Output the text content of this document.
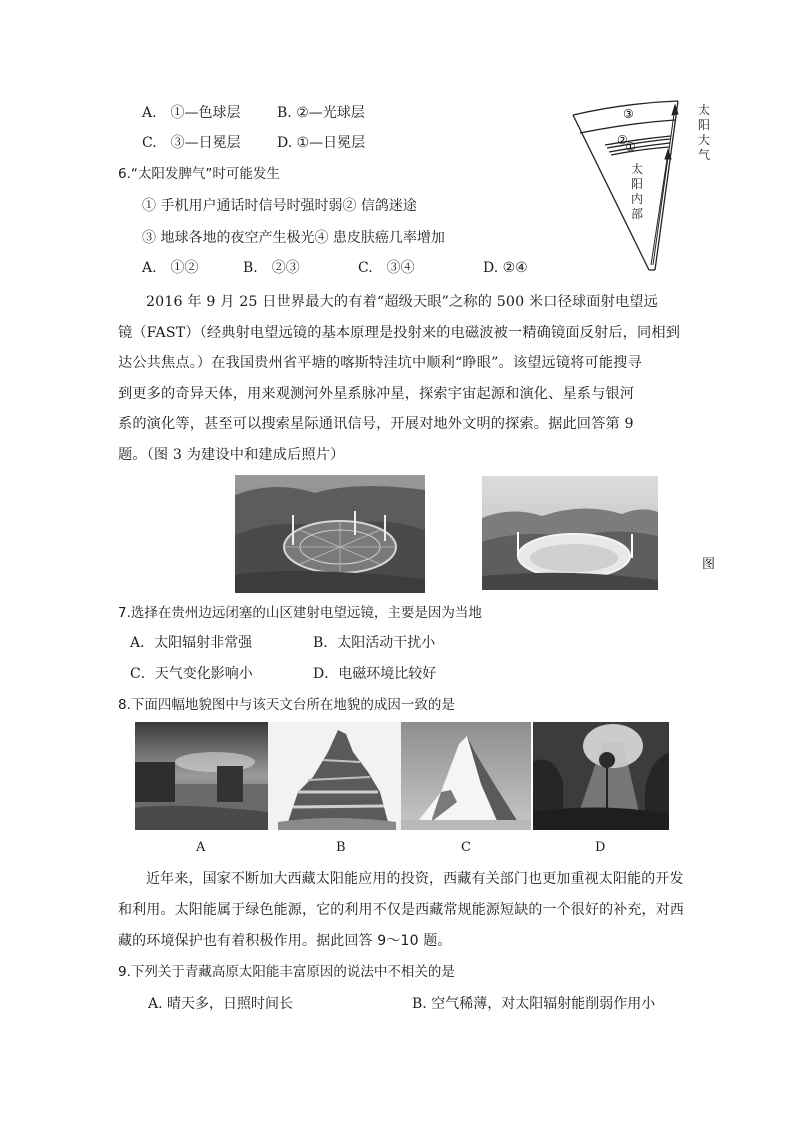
A.　①—色球层	B. ②—光球层
C.　③—日冕层	D. ①—日冕层
6.“太阳发脾气”时可能发生
① 手机用户通话时信号时强时弱② 信鸽迷途
③ 地球各地的夜空产生极光④ 患皮肤癌几率增加
A.　①②	B.　②③	C.　③④	D. ②④
③
②
①
太
阳
大
气
太
阳
内
部
2016 年 9 月 25 日世界最大的有着“超级天眼”之称的 500 米口径球面射电望远
镜（FAST）（经典射电望远镜的基本原理是投射来的电磁波被一精确镜面反射后，同相到
达公共焦点。）在我国贵州省平塘的喀斯特洼坑中顺利“睁眼”。该望远镜将可能搜寻
到更多的奇异天体，用来观测河外星系脉冲星，探索宇宙起源和演化、星系与银河
系的演化等，甚至可以搜索星际通讯信号，开展对地外文明的探索。据此回答第 9
题。（图 3 为建设中和建成后照片）
图
7.选择在贵州边远闭塞的山区建射电望远镜，主要是因为当地
A．太阳辐射非常强	B．太阳活动干扰小
C．天气变化影响小	D．电磁环境比较好
8.下面四幅地貌图中与该天文台所在地貌的成因一致的是
A	B	C	D
近年来，国家不断加大西藏太阳能应用的投资，西藏有关部门也更加重视太阳能的开发
和利用。太阳能属于绿色能源，它的利用不仅是西藏常规能源短缺的一个很好的补充，对西
藏的环境保护也有着积极作用。据此回答 9～10 题。
9.下列关于青藏高原太阳能丰富原因的说法中不相关的是
A. 晴天多，日照时间长	B. 空气稀薄，对太阳辐射能削弱作用小
